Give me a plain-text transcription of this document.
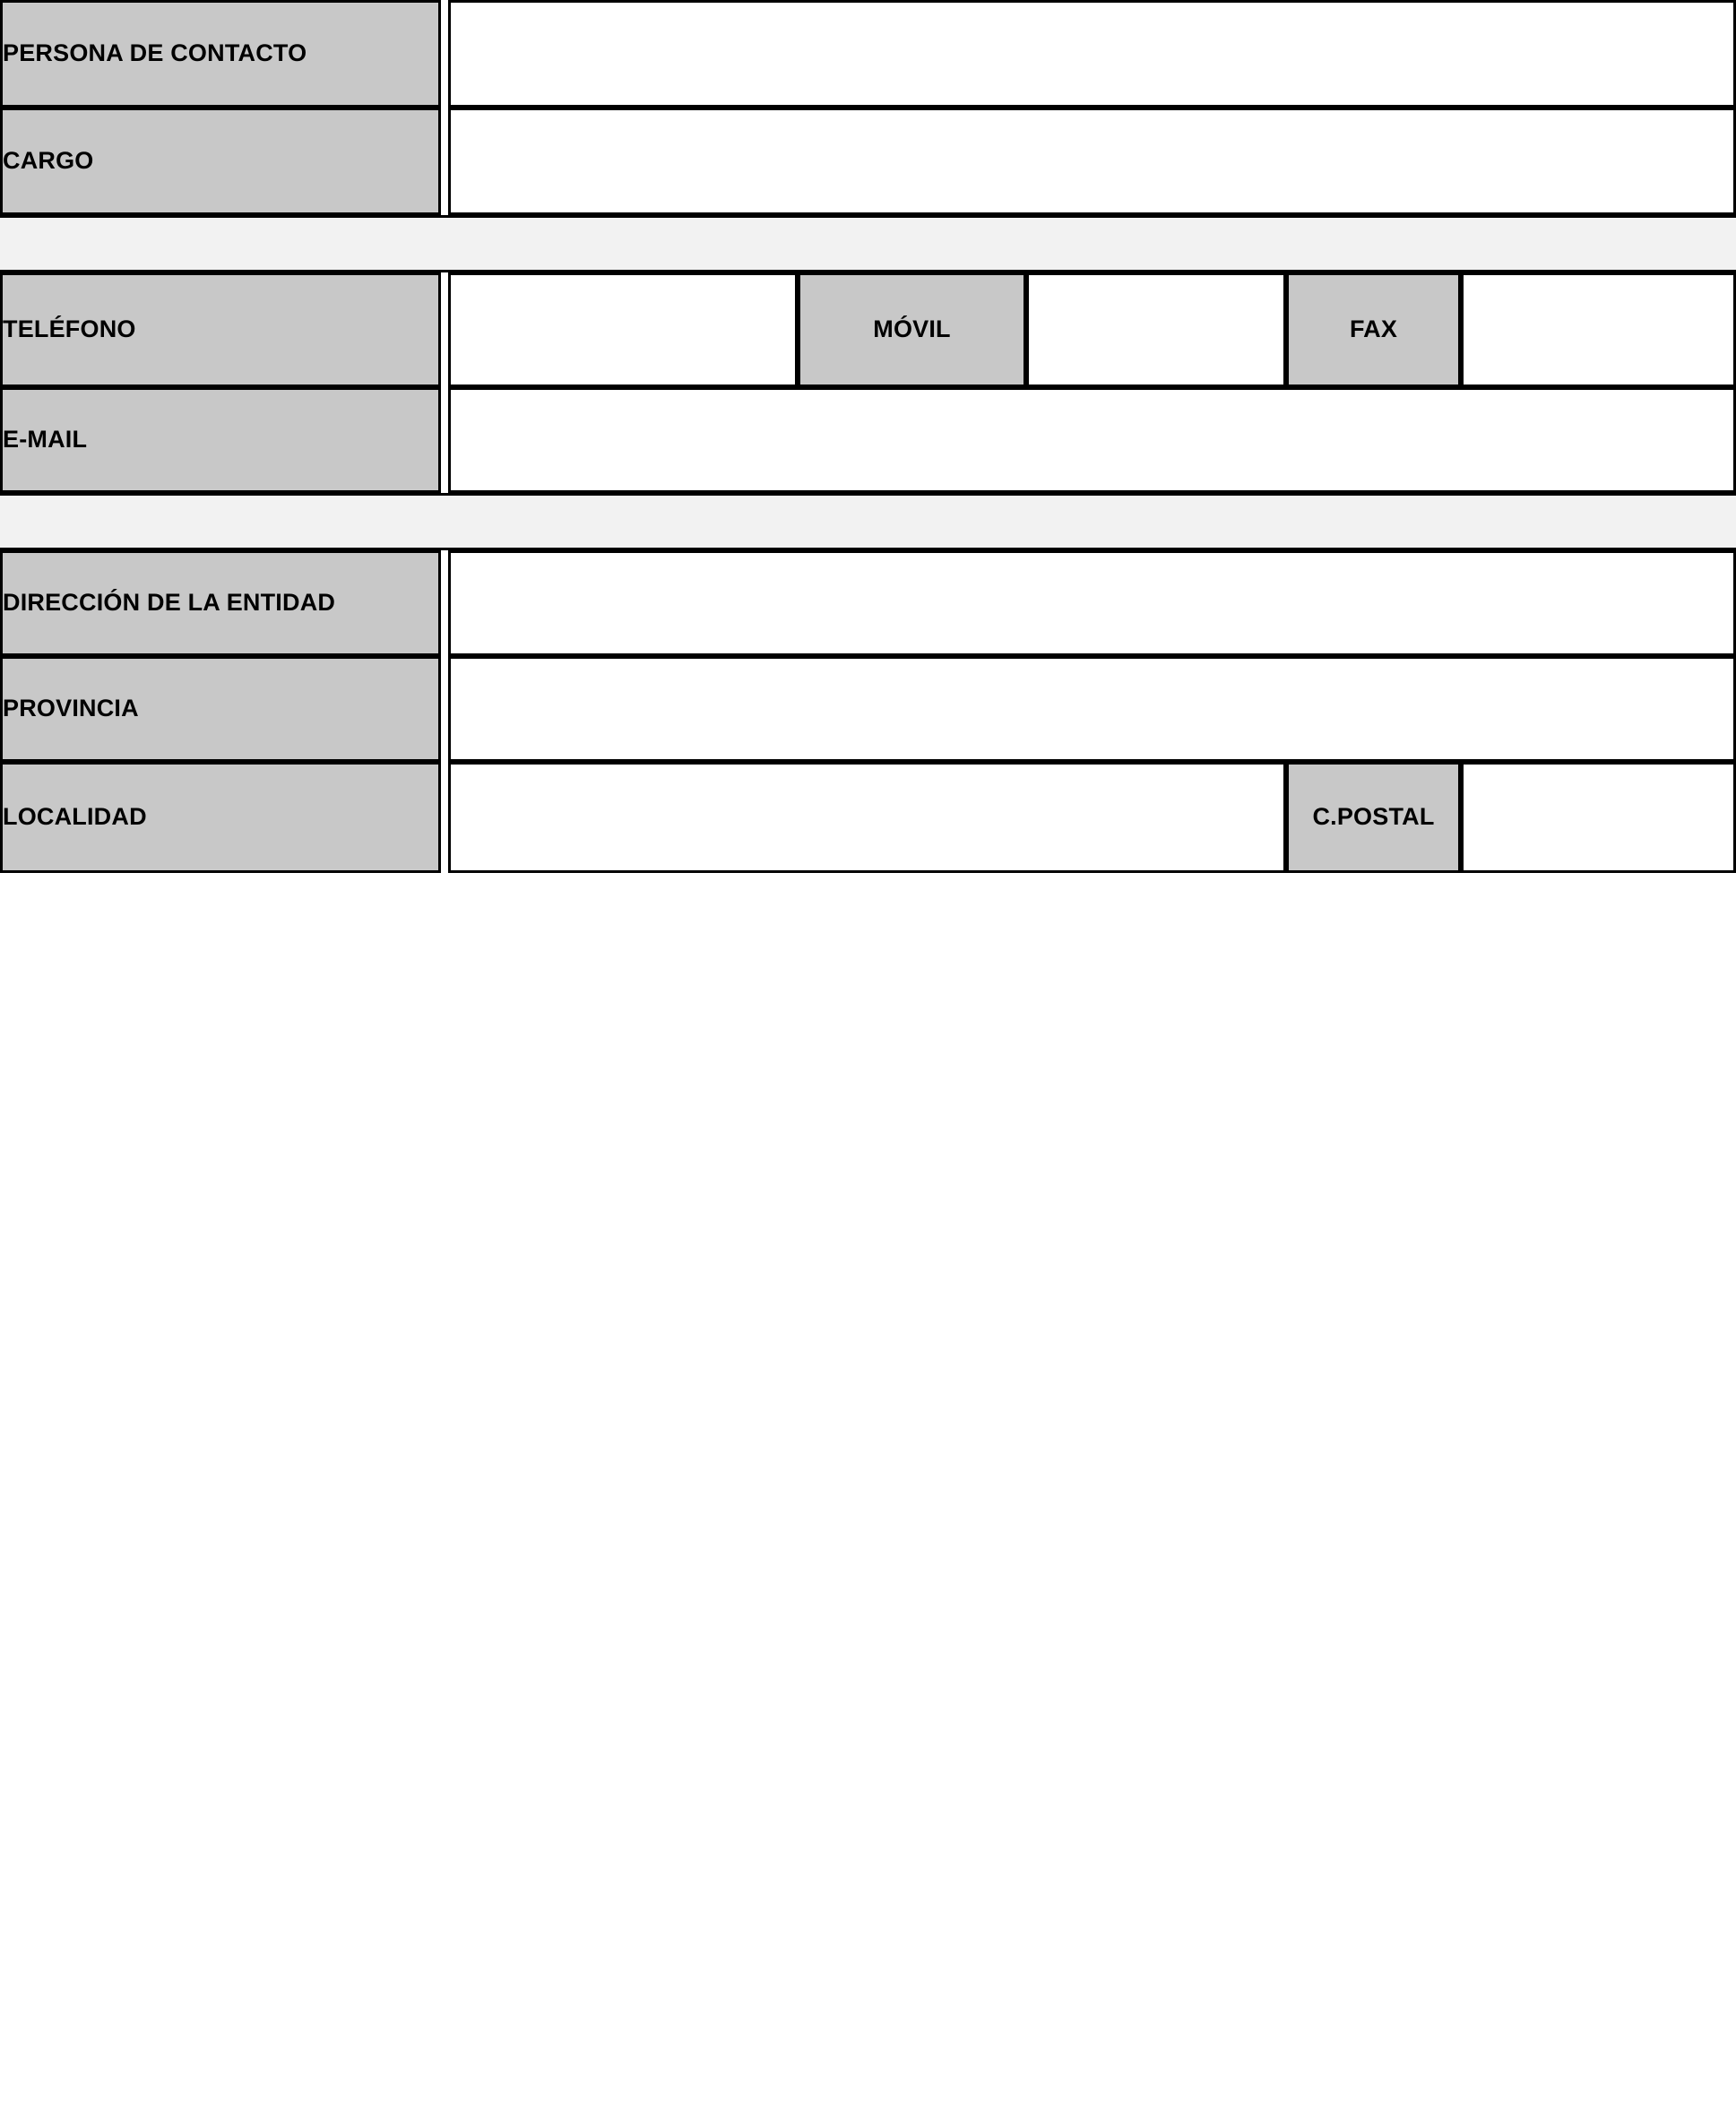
PERSONA DE CONTACTO						

CARGO						

TELÉFONO			MÓVIL		FAX	

E-MAIL						

DIRECCIÓN DE LA ENTIDAD						

PROVINCIA						

LOCALIDAD					C.POSTAL	
